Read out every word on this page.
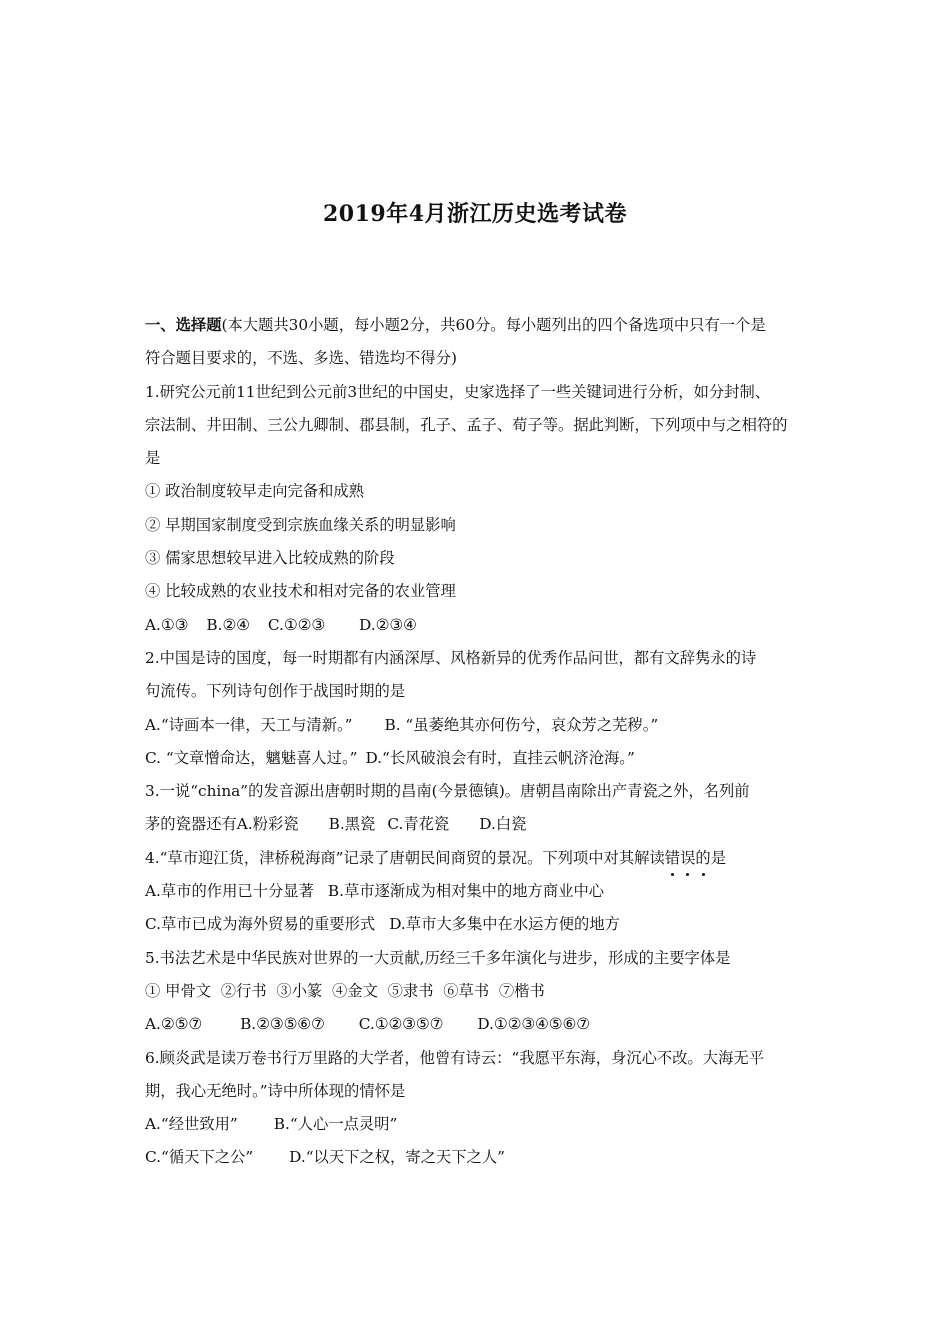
2019年4月浙江历史选考试卷
一、选择题(本大题共30小题，每小题2分，共60分。每小题列出的四个备选项中只有一个是
符合题目要求的，不选、多选、错选均不得分)
1.研究公元前11世纪到公元前3世纪的中国史，史家选择了一些关键词进行分析，如分封制、
宗法制、井田制、三公九卿制、郡县制，孔子、孟子、荀子等。据此判断，下列项中与之相符的
是
① 政治制度较早走向完备和成熟
② 早期国家制度受到宗族血缘关系的明显影响
③ 儒家思想较早进入比较成熟的阶段
④ 比较成熟的农业技术和相对完备的农业管理
A.①③ B.②④ C.①②③ D.②③④
2.中国是诗的国度，每一时期都有内涵深厚、风格新异的优秀作品问世，都有文辞隽永的诗
句流传。下列诗句创作于战国时期的是
A.“诗画本一律，天工与清新。” B. “虽萎绝其亦何伤兮，哀众芳之芜秽。”
C. “文章憎命达，魑魅喜人过。” D.“长风破浪会有时，直挂云帆济沧海。”
3.一说“china”的发音源出唐朝时期的昌南(今景德镇)。唐朝昌南除出产青瓷之外，名列前
茅的瓷器还有A.粉彩瓷 B.黑瓷 C.青花瓷 D.白瓷
4.“草市迎江货，津桥税海商”记录了唐朝民间商贸的景况。下列项中对其解读错误的是
A.草市的作用已十分显著 B.草市逐渐成为相对集中的地方商业中心
C.草市已成为海外贸易的重要形式 D.草市大多集中在水运方便的地方
5.书法艺术是中华民族对世界的一大贡献,历经三千多年演化与进步，形成的主要字体是
① 甲骨文  ②行书  ③小篆  ④金文  ⑤隶书  ⑥草书  ⑦楷书
A.②⑤⑦ B.②③⑤⑥⑦ C.①②③⑤⑦ D.①②③④⑤⑥⑦
6.顾炎武是读万卷书行万里路的大学者，他曾有诗云：“我愿平东海，身沉心不改。大海无平
期，我心无绝时。”诗中所体现的情怀是
A.“经世致用” B.“人心一点灵明”
C.“循天下之公” D.“以天下之权，寄之天下之人”
